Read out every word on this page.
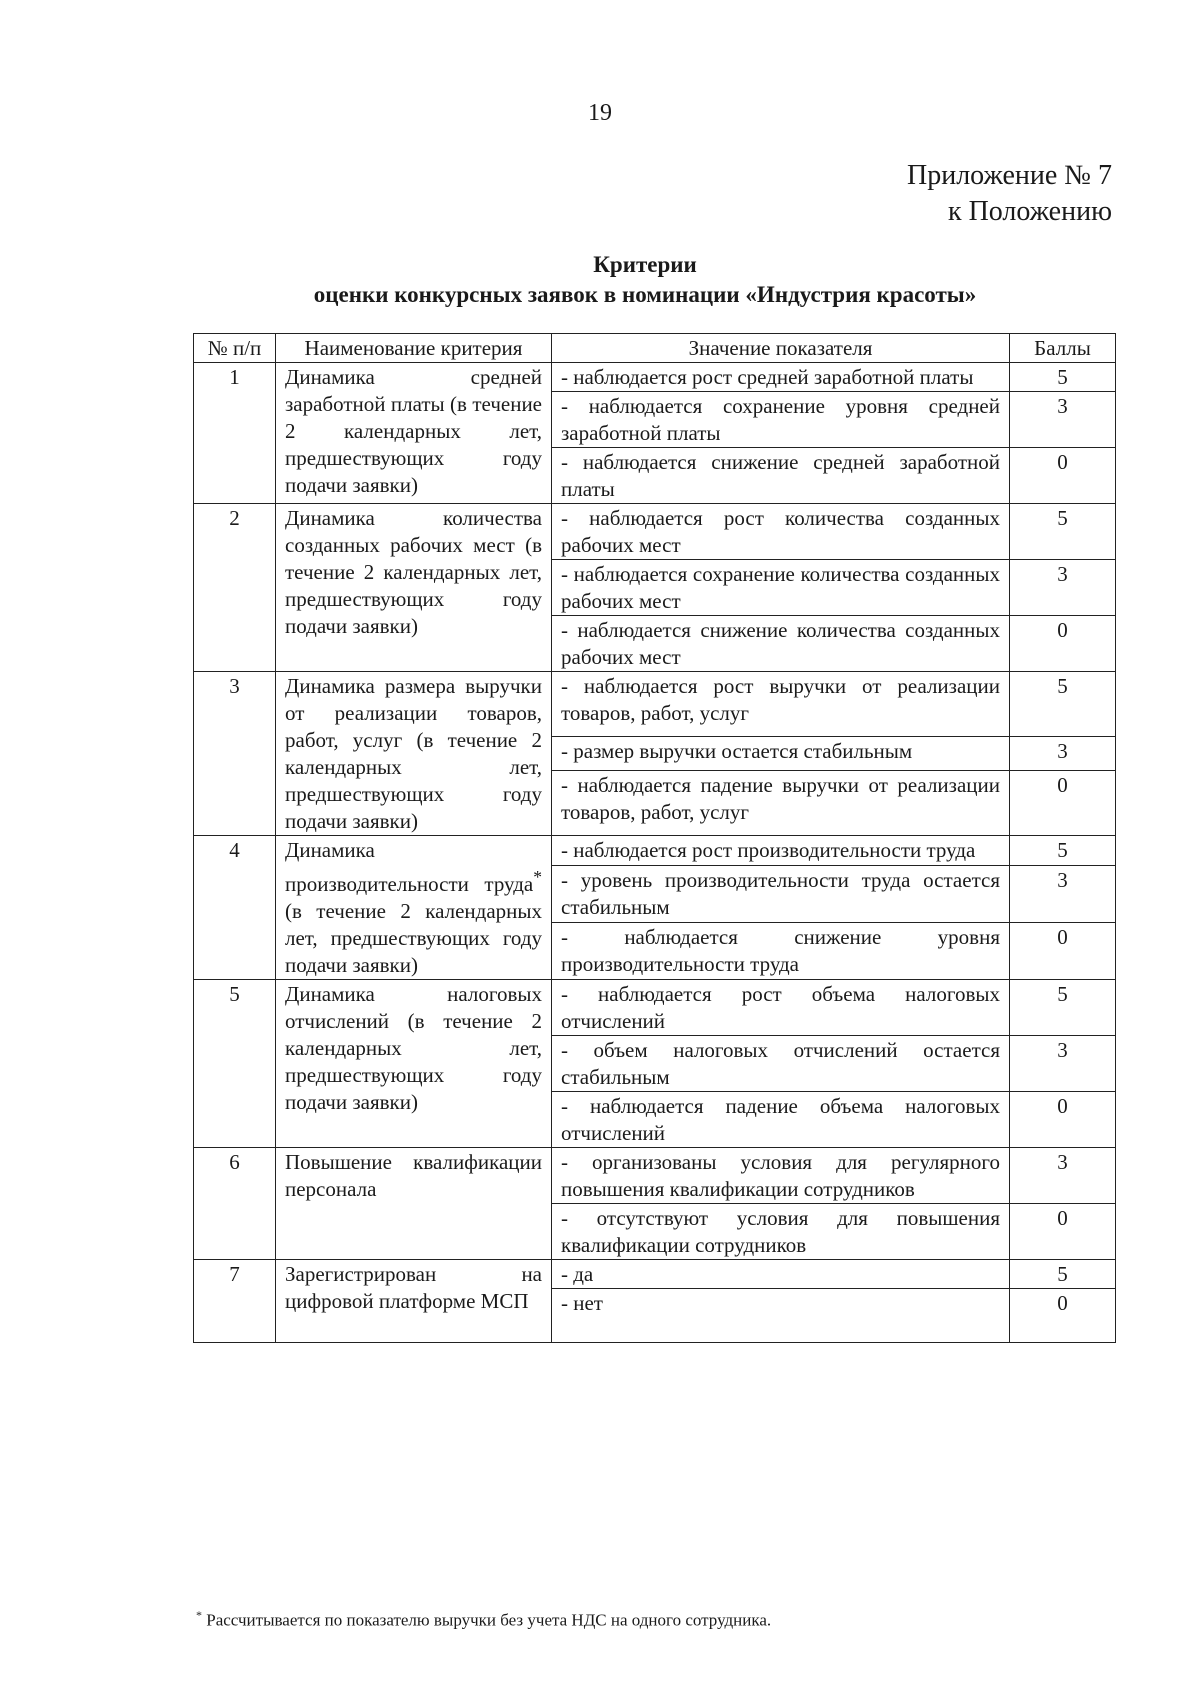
19
Приложение № 7
к Положению
Критерии
оценки конкурсных заявок в номинации «Индустрия красоты»
№ п/п	Наименование критерия	Значение показателя	Баллы
1	Динамика средней заработной платы (в течение 2 календарных лет, предшествующих году подачи заявки)	- наблюдается рост средней заработной платы	5
		- наблюдается сохранение уровня средней заработной платы	3
		- наблюдается снижение средней заработной платы	0
2	Динамика количества созданных рабочих мест (в течение 2 календарных лет, предшествующих году подачи заявки)	- наблюдается рост количества созданных рабочих мест	5
		- наблюдается сохранение количества созданных рабочих мест	3
		- наблюдается снижение количества созданных рабочих мест	0
3	Динамика размера выручки от реализации товаров, работ, услуг (в течение 2 календарных лет, предшествующих году подачи заявки)	- наблюдается рост выручки от реализации товаров, работ, услуг	5
		- размер выручки остается стабильным	3
		- наблюдается падение выручки от реализации товаров, работ, услуг	0
4	Динамика производительности труда* (в течение 2 календарных лет, предшествующих году подачи заявки)	- наблюдается рост производительности труда	5
		- уровень производительности труда остается стабильным	3
		- наблюдается снижение уровня производительности труда	0
5	Динамика налоговых отчислений (в течение 2 календарных лет, предшествующих году подачи заявки)	- наблюдается рост объема налоговых отчислений	5
		- объем налоговых отчислений остается стабильным	3
		- наблюдается падение объема налоговых отчислений	0
6	Повышение квалификации персонала	- организованы условия для регулярного повышения квалификации сотрудников	3
		- отсутствуют условия для повышения квалификации сотрудников	0
7	Зарегистрирован на цифровой платформе МСП	- да	5
		- нет	0
* Рассчитывается по показателю выручки без учета НДС на одного сотрудника.
